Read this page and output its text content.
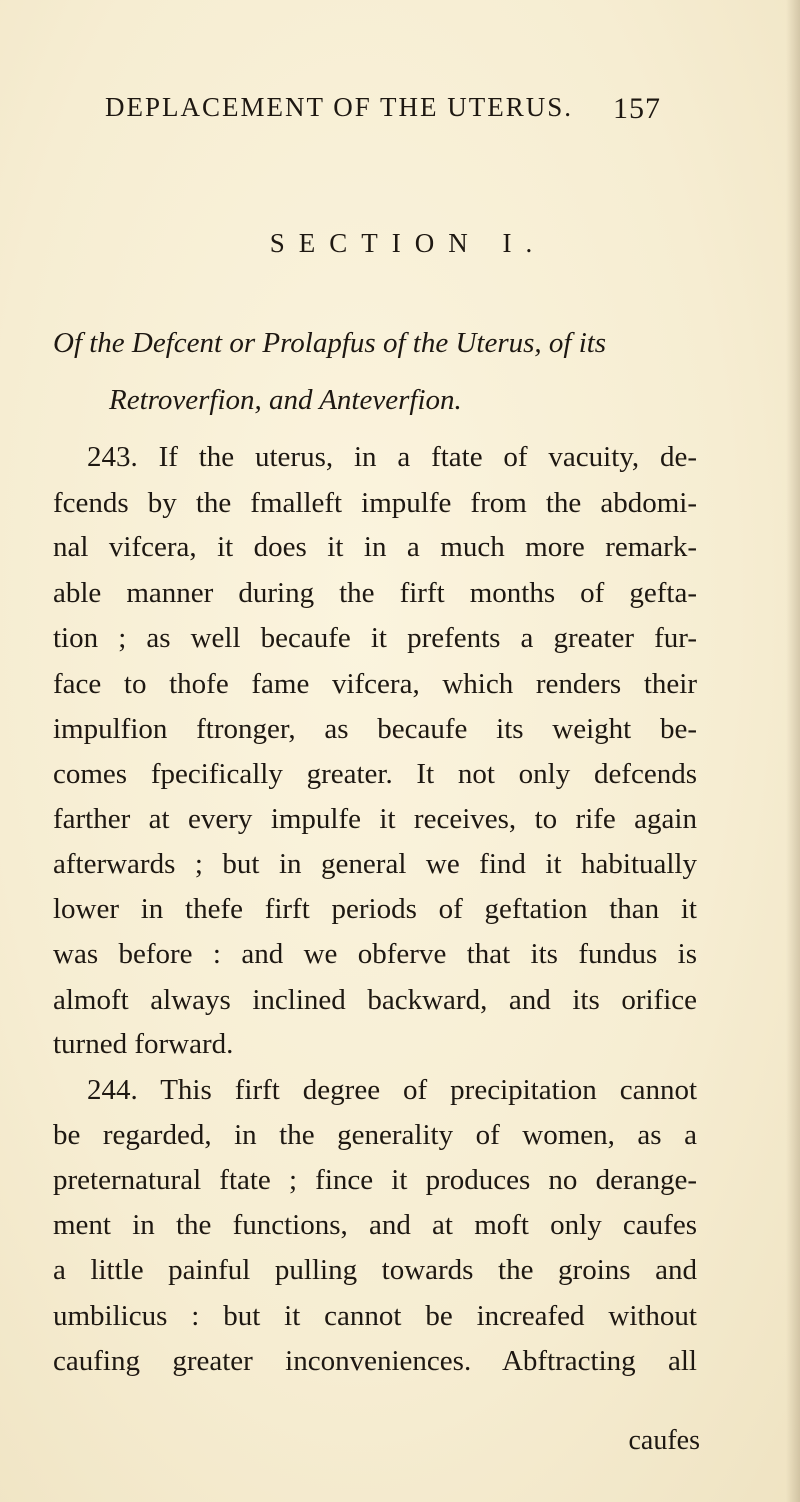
DEPLACEMENT OF THE UTERUS. 157
SECTION I.
Of the Defcent or Prolapfus of the Uterus, of its
Retroverfion, and Anteverfion.
243. If the uterus, in a ftate of vacuity, de-
fcends by the fmalleft impulfe from the abdomi-
nal vifcera, it does it in a much more remark-
able manner during the firft months of gefta-
tion ; as well becaufe it prefents a greater fur-
face to thofe fame vifcera, which renders their
impulfion ftronger, as becaufe its weight be-
comes fpecifically greater. It not only defcends
farther at every impulfe it receives, to rife again
afterwards ; but in general we find it habitually
lower in thefe firft periods of geftation than it
was before : and we obferve that its fundus is
almoft always inclined backward, and its orifice
turned forward.
244. This firft degree of precipitation cannot
be regarded, in the generality of women, as a
preternatural ftate ; fince it produces no derange-
ment in the functions, and at moft only caufes
a little painful pulling towards the groins and
umbilicus : but it cannot be increafed without
caufing greater inconveniences. Abftracting all
caufes
